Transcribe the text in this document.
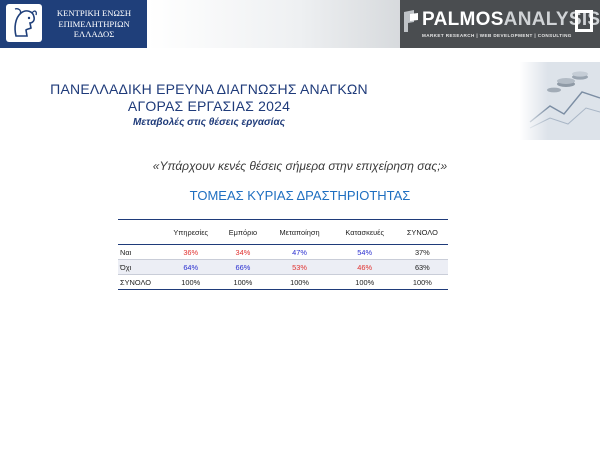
ΚΕΝΤΡΙΚΗ ΕΝΩΣΗ
ΕΠΙΜΕΛΗΤΗΡΙΩΝ
ΕΛΛΑΔΟΣ
PALMOSANALYSIS
MARKET RESEARCH | WEB DEVELOPMENT | CONSULTING
ΠΑΝΕΛΛΑΔΙΚΗ ΕΡΕΥΝΑ ΔΙΑΓΝΩΣΗΣ ΑΝΑΓΚΩΝ
ΑΓΟΡΑΣ ΕΡΓΑΣΙΑΣ 2024
Μεταβολές στις θέσεις εργασίας
«Υπάρχουν κενές θέσεις σήμερα στην επιχείρηση σας;»
ΤΟΜΕΑΣ ΚΥΡΙΑΣ ΔΡΑΣΤΗΡΙΟΤΗΤΑΣ
	Υπηρεσίες	Εμπόριο	Μεταποίηση	Κατασκευές	ΣΥΝΟΛΟ
Ναι	36%	34%	47%	54%	37%
Όχι	64%	66%	53%	46%	63%
ΣΥΝΟΛΟ	100%	100%	100%	100%	100%
